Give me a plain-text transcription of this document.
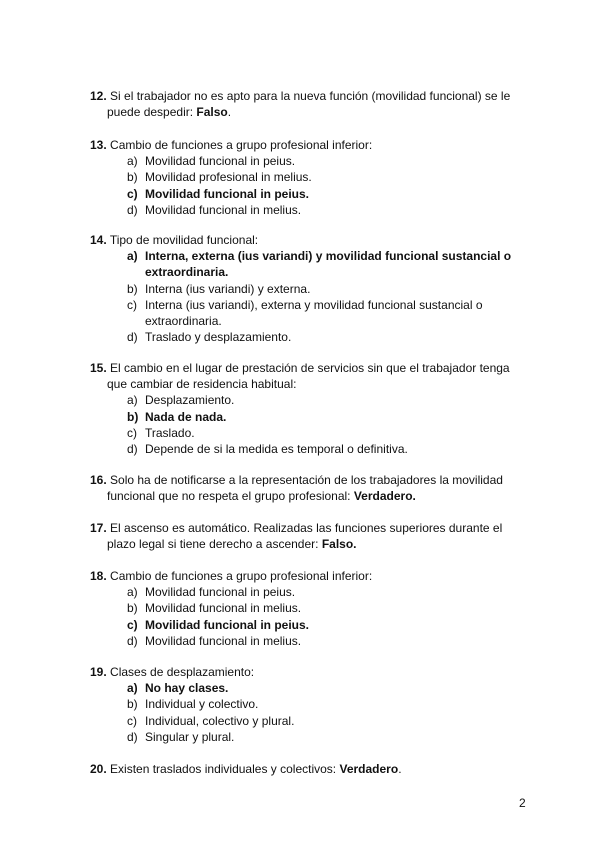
12. Si el trabajador no es apto para la nueva función (movilidad funcional) se le
puede despedir: Falso.
13. Cambio de funciones a grupo profesional inferior:
a) Movilidad funcional in peius.
b) Movilidad profesional in melius.
c) Movilidad funcional in peius.
d) Movilidad funcional in melius.
14. Tipo de movilidad funcional:
a) Interna, externa (ius variandi) y movilidad funcional sustancial o
extraordinaria.
b) Interna (ius variandi) y externa.
c) Interna (ius variandi), externa y movilidad funcional sustancial o
extraordinaria.
d) Traslado y desplazamiento.
15. El cambio en el lugar de prestación de servicios sin que el trabajador tenga
que cambiar de residencia habitual:
a) Desplazamiento.
b) Nada de nada.
c) Traslado.
d) Depende de si la medida es temporal o definitiva.
16. Solo ha de notificarse a la representación de los trabajadores la movilidad
funcional que no respeta el grupo profesional: Verdadero.
17. El ascenso es automático. Realizadas las funciones superiores durante el
plazo legal si tiene derecho a ascender: Falso.
18. Cambio de funciones a grupo profesional inferior:
a) Movilidad funcional in peius.
b) Movilidad funcional in melius.
c) Movilidad funcional in peius.
d) Movilidad funcional in melius.
19. Clases de desplazamiento:
a) No hay clases.
b) Individual y colectivo.
c) Individual, colectivo y plural.
d) Singular y plural.
20. Existen traslados individuales y colectivos: Verdadero.
2
